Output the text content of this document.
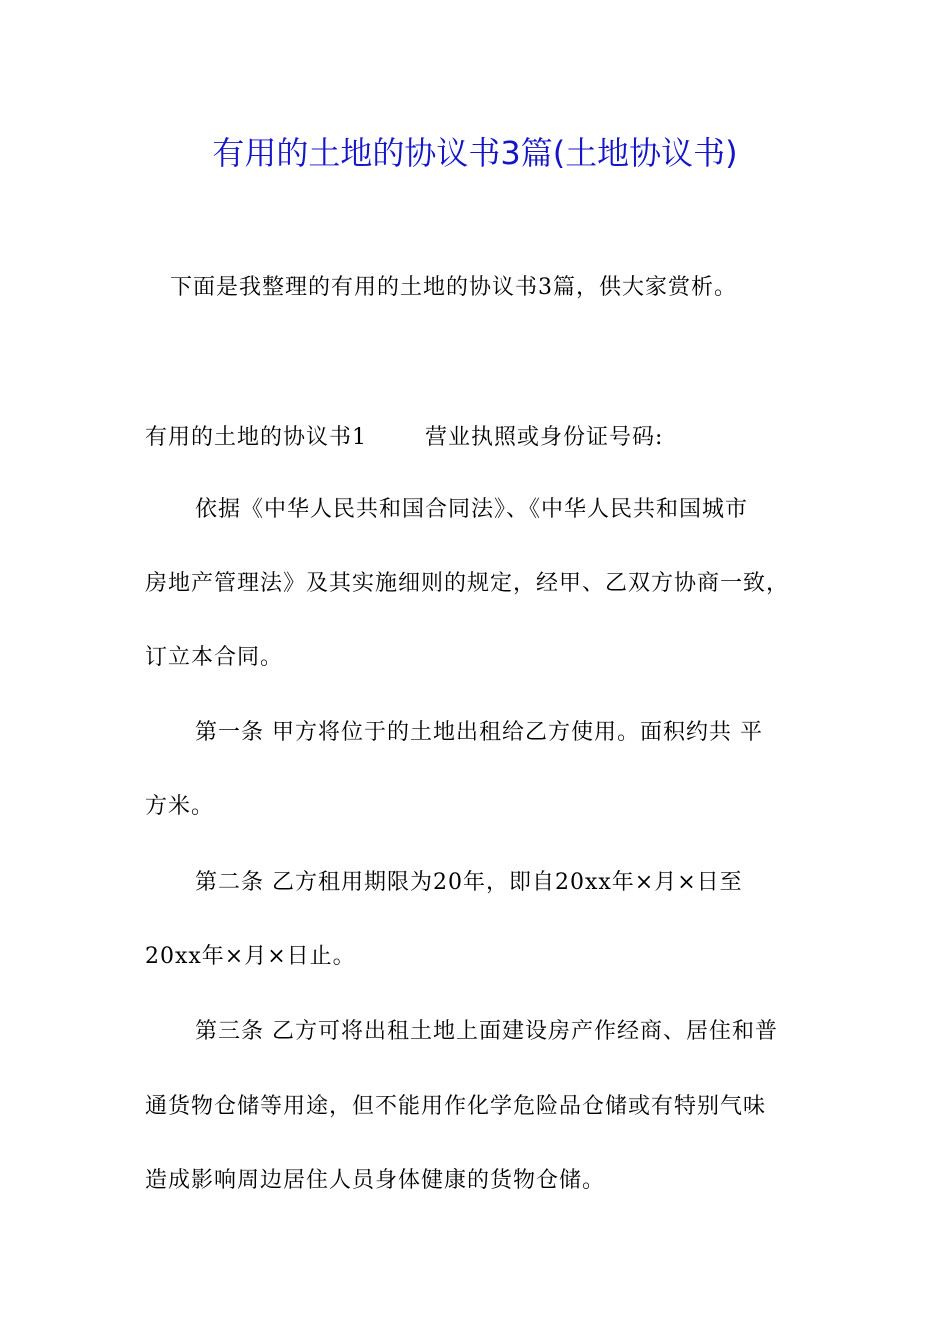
有用的土地的协议书3篇(土地协议书)
下面是我整理的有用的土地的协议书3篇，供大家赏析。
有用的土地的协议书1	营业执照或身份证号码:
依据《中华人民共和国合同法》、《中华人民共和国城市
房地产管理法》及其实施细则的规定，经甲、乙双方协商一致，
订立本合同。
第一条 甲方将位于的土地出租给乙方使用。面积约共 平
方米。
第二条 乙方租用期限为20年，即自20xx年×月×日至
20xx年×月×日止。
第三条 乙方可将出租土地上面建设房产作经商、居住和普
通货物仓储等用途，但不能用作化学危险品仓储或有特别气味
造成影响周边居住人员身体健康的货物仓储。
